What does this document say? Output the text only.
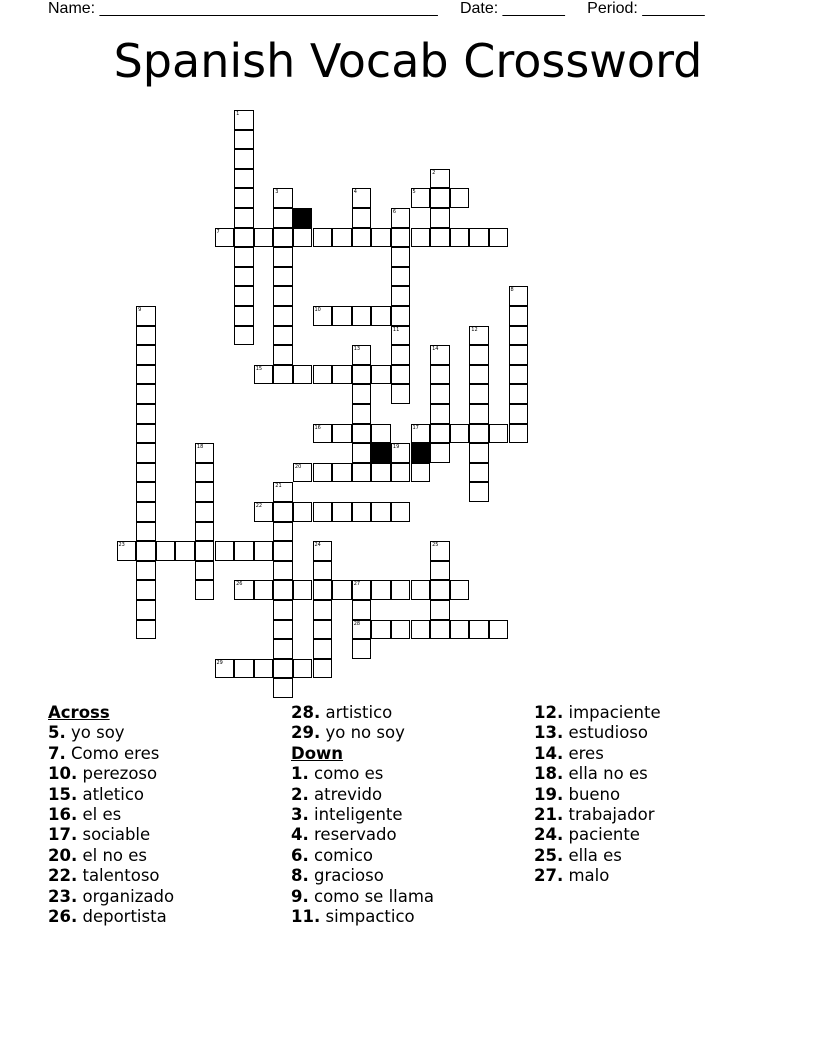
Name: ______________________________________ Date: _______ Period: _______
Spanish Vocab Crossword
1
2
3	4	5
6
7
8
9	10
11	12
13	14
15
16	17
18	19
20
21
22
23	24	25
26	27
28
29
Across
5. yo soy
7. Como eres
10. perezoso
15. atletico
16. el es
17. sociable
20. el no es
22. talentoso
23. organizado
26. deportista
28. artistico
29. yo no soy
Down
1. como es
2. atrevido
3. inteligente
4. reservado
6. comico
8. gracioso
9. como se llama
11. simpactico
12. impaciente
13. estudioso
14. eres
18. ella no es
19. bueno
21. trabajador
24. paciente
25. ella es
27. malo
